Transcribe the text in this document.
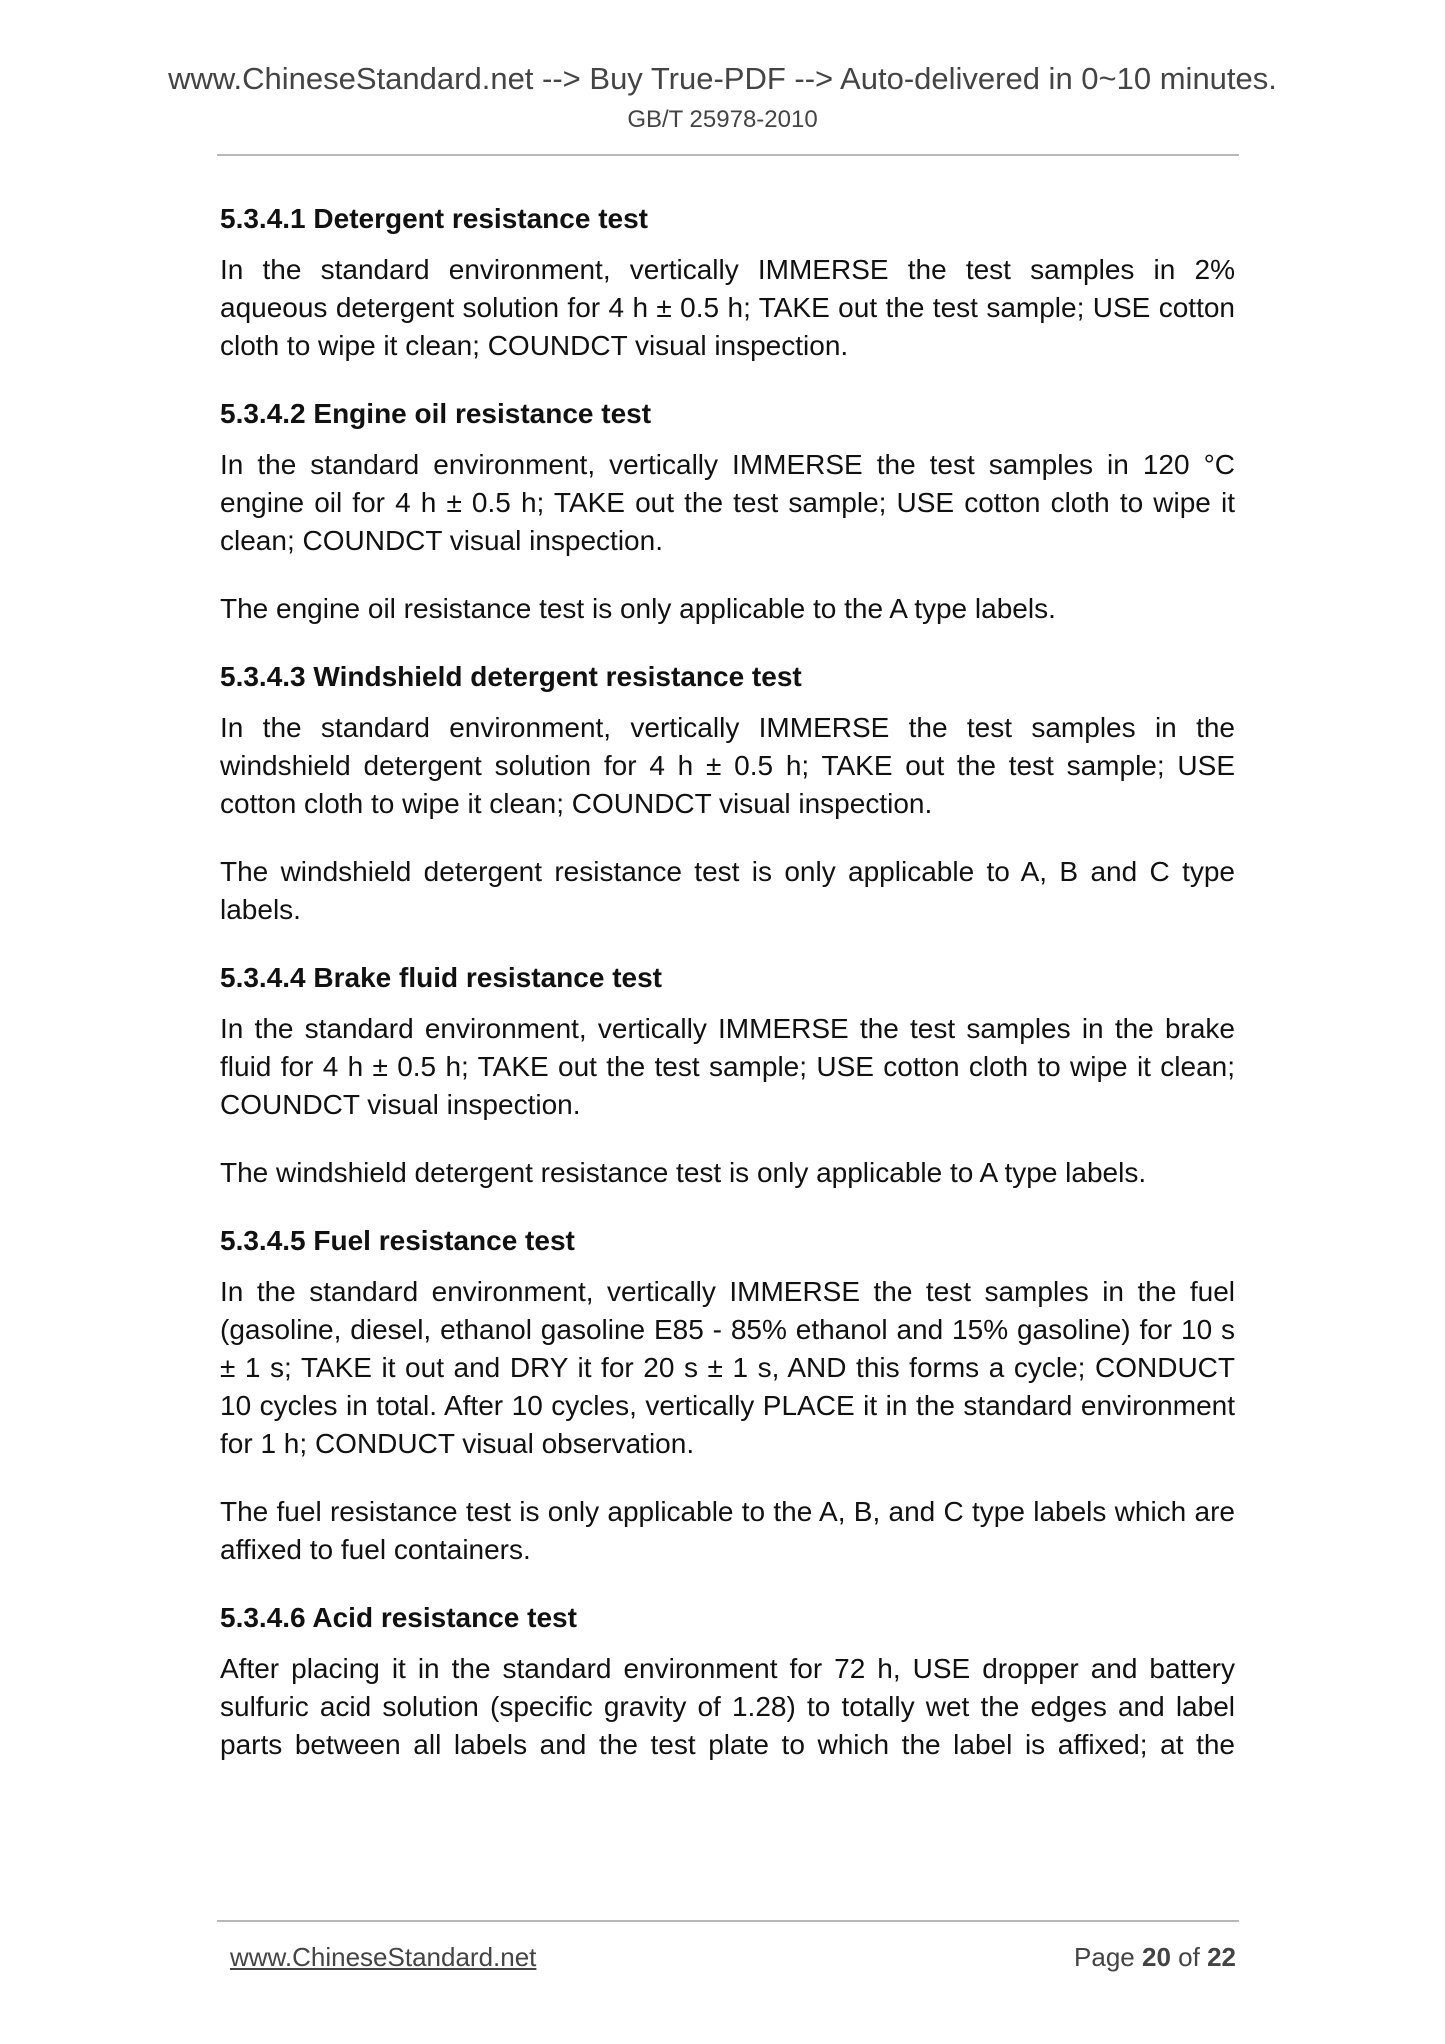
www.ChineseStandard.net --> Buy True-PDF --> Auto-delivered in 0~10 minutes.
GB/T 25978-2010
5.3.4.1 Detergent resistance test

In the standard environment, vertically IMMERSE the test samples in 2% aqueous detergent solution for 4 h ± 0.5 h; TAKE out the test sample; USE cotton cloth to wipe it clean; COUNDCT visual inspection.

5.3.4.2 Engine oil resistance test

In the standard environment, vertically IMMERSE the test samples in 120 °C engine oil for 4 h ± 0.5 h; TAKE out the test sample; USE cotton cloth to wipe it clean; COUNDCT visual inspection.

The engine oil resistance test is only applicable to the A type labels.

5.3.4.3 Windshield detergent resistance test

In the standard environment, vertically IMMERSE the test samples in the windshield detergent solution for 4 h ± 0.5 h; TAKE out the test sample; USE cotton cloth to wipe it clean; COUNDCT visual inspection.

The windshield detergent resistance test is only applicable to A, B and C type labels.

5.3.4.4 Brake fluid resistance test

In the standard environment, vertically IMMERSE the test samples in the brake fluid for 4 h ± 0.5 h; TAKE out the test sample; USE cotton cloth to wipe it clean; COUNDCT visual inspection.

The windshield detergent resistance test is only applicable to A type labels.

5.3.4.5 Fuel resistance test

In the standard environment, vertically IMMERSE the test samples in the fuel (gasoline, diesel, ethanol gasoline E85 - 85% ethanol and 15% gasoline) for 10 s ± 1 s; TAKE it out and DRY it for 20 s ± 1 s, AND this forms a cycle; CONDUCT 10 cycles in total. After 10 cycles, vertically PLACE it in the standard environment for 1 h; CONDUCT visual observation.

The fuel resistance test is only applicable to the A, B, and C type labels which are affixed to fuel containers.

5.3.4.6 Acid resistance test

After placing it in the standard environment for 72 h, USE dropper and battery sulfuric acid solution (specific gravity of 1.28) to totally wet the edges and label parts between all labels and the test plate to which the label is affixed; at the

www.ChineseStandard.net	Page 20 of 22
